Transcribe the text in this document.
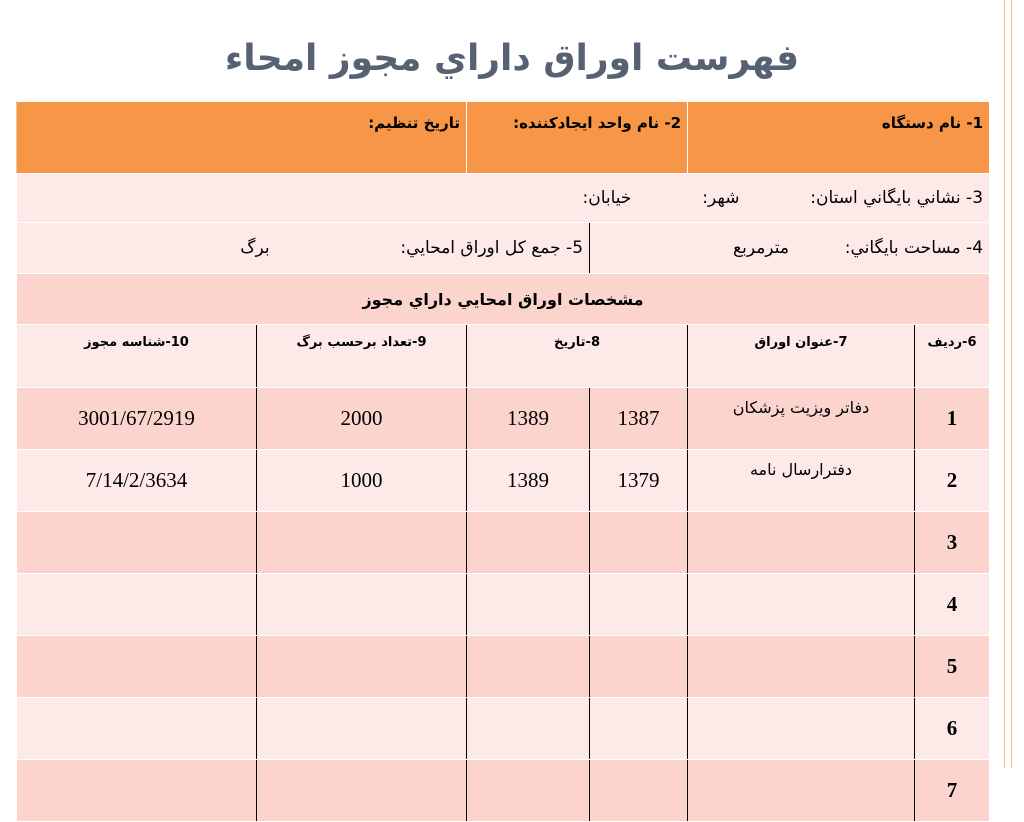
فهرست اوراق داراي مجوز امحاء
1- نام دستگاه		2- نام واحد ايجادكننده:		تاريخ تنظيم:	
3- نشاني بايگاني استان:  شهر:  خيابان:					
4- مساحت بايگاني:  مترمربع			5- جمع كل اوراق امحايي:  برگ		
مشخصات اوراق امحايي داراي مجوز					
6-رديف	7-عنوان اوراق	8-تاريخ		9-تعداد برحسب برگ	10-شناسه مجوز
1	دفاتر ويزيت پزشكان	1387	1389	2000	3001/67/2919
2	دفترارسال نامه	1379	1389	1000	7/14/2/3634
3					
4					
5					
6					
7					
